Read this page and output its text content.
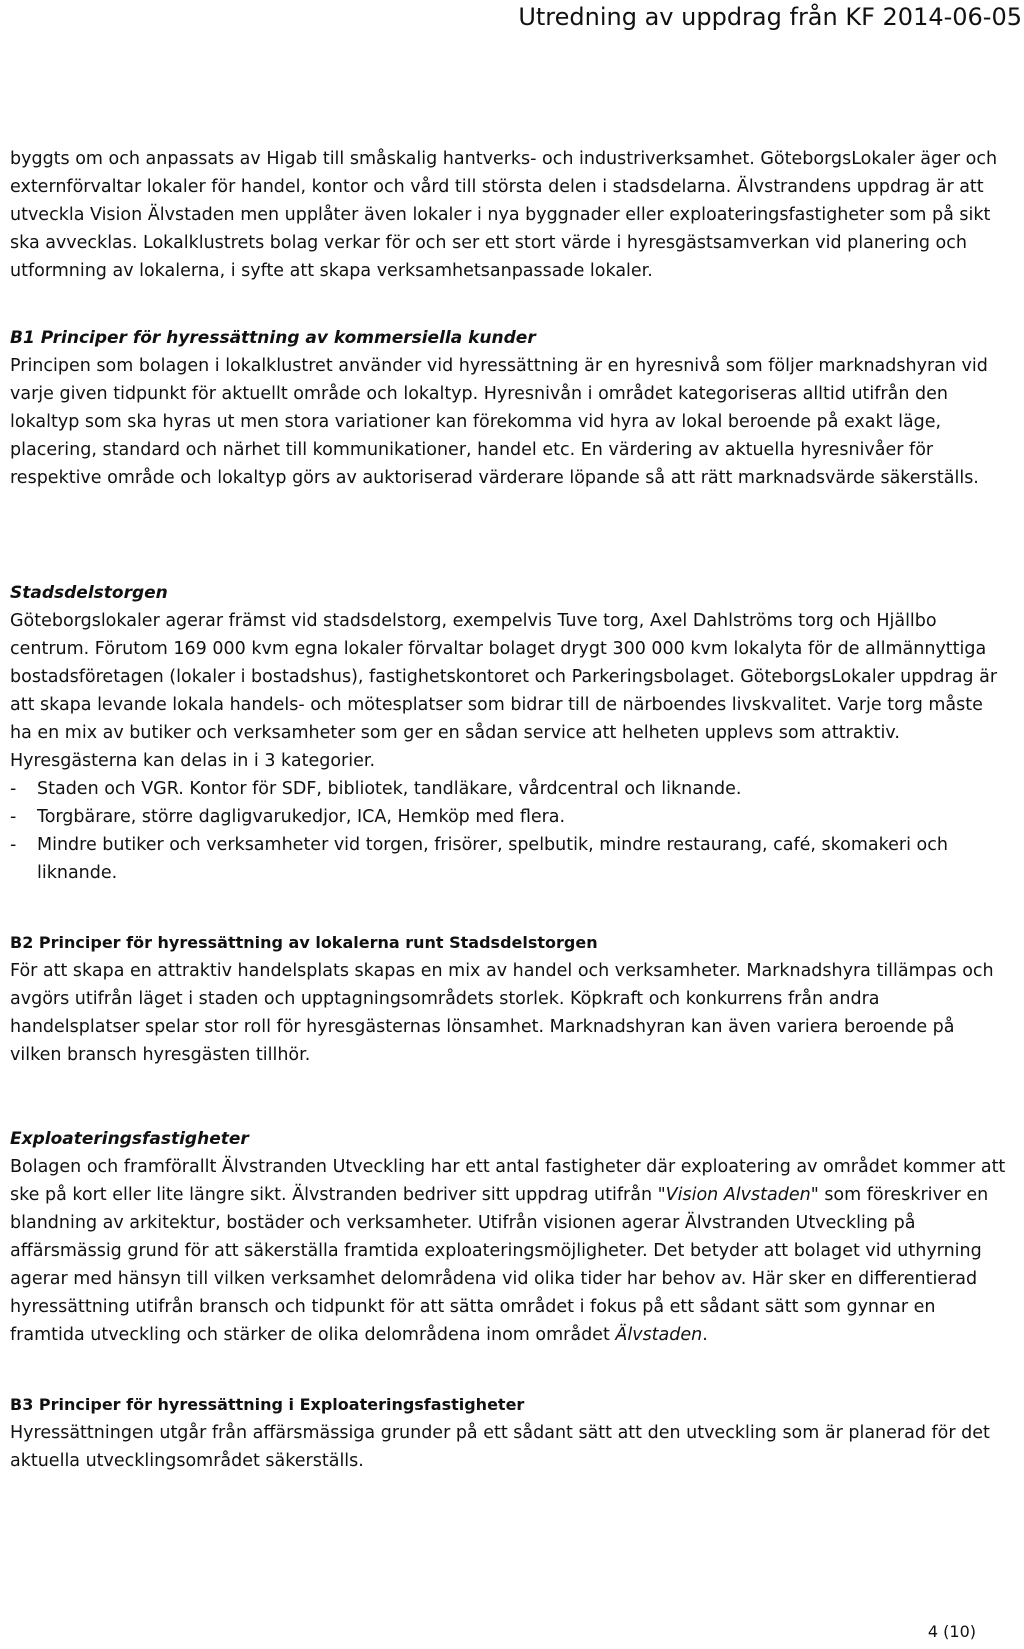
Utredning av uppdrag från KF 2014-06-05

byggts om och anpassats av Higab till småskalig hantverks- och industriverksamhet. GöteborgsLokaler äger och externförvaltar lokaler för handel, kontor och vård till största delen i stadsdelarna. Älvstrandens uppdrag är att utveckla Vision Älvstaden men upplåter även lokaler i nya byggnader eller exploateringsfastigheter som på sikt ska avvecklas. Lokalklustrets bolag verkar för och ser ett stort värde i hyresgästsamverkan vid planering och utformning av lokalerna, i syfte att skapa verksamhetsanpassade lokaler.

B1 Principer för hyressättning av kommersiella kunder

Principen som bolagen i lokalklustret använder vid hyressättning är en hyresnivå som följer marknadshyran vid varje given tidpunkt för aktuellt område och lokaltyp. Hyresnivån i området kategoriseras alltid utifrån den lokaltyp som ska hyras ut men stora variationer kan förekomma vid hyra av lokal beroende på exakt läge, placering, standard och närhet till kommunikationer, handel etc. En värdering av aktuella hyresnivåer för respektive område och lokaltyp görs av auktoriserad värderare löpande så att rätt marknadsvärde säkerställs.

Stadsdelstorgen

Göteborgslokaler agerar främst vid stadsdelstorg, exempelvis Tuve torg, Axel Dahlströms torg och Hjällbo centrum. Förutom 169 000 kvm egna lokaler förvaltar bolaget drygt 300 000 kvm lokalyta för de allmännyttiga bostadsföretagen (lokaler i bostadshus), fastighetskontoret och Parkeringsbolaget. GöteborgsLokaler uppdrag är att skapa levande lokala handels- och mötesplatser som bidrar till de närboendes livskvalitet. Varje torg måste ha en mix av butiker och verksamheter som ger en sådan service att helheten upplevs som attraktiv. Hyresgästerna kan delas in i 3 kategorier.

- Staden och VGR. Kontor för SDF, bibliotek, tandläkare, vårdcentral och liknande.
- Torgbärare, större dagligvarukedjor, ICA, Hemköp med flera.
- Mindre butiker och verksamheter vid torgen, frisörer, spelbutik, mindre restaurang, café, skomakeri och liknande.

B2 Principer för hyressättning av lokalerna runt Stadsdelstorgen

För att skapa en attraktiv handelsplats skapas en mix av handel och verksamheter. Marknadshyra tillämpas och avgörs utifrån läget i staden och upptagningsområdets storlek. Köpkraft och konkurrens från andra handelsplatser spelar stor roll för hyresgästernas lönsamhet. Marknadshyran kan även variera beroende på vilken bransch hyresgästen tillhör.

Exploateringsfastigheter

Bolagen och framförallt Älvstranden Utveckling har ett antal fastigheter där exploatering av området kommer att ske på kort eller lite längre sikt. Älvstranden bedriver sitt uppdrag utifrån "Vision Alvstaden" som föreskriver en blandning av arkitektur, bostäder och verksamheter. Utifrån visionen agerar Älvstranden Utveckling på affärsmässig grund för att säkerställa framtida exploateringsmöjligheter. Det betyder att bolaget vid uthyrning agerar med hänsyn till vilken verksamhet delområdena vid olika tider har behov av. Här sker en differentierad hyressättning utifrån bransch och tidpunkt för att sätta området i fokus på ett sådant sätt som gynnar en framtida utveckling och stärker de olika delområdena inom området Älvstaden.

B3 Principer för hyressättning i Exploateringsfastigheter

Hyressättningen utgår från affärsmässiga grunder på ett sådant sätt att den utveckling som är planerad för det aktuella utvecklingsområdet säkerställs.

4 (10)
